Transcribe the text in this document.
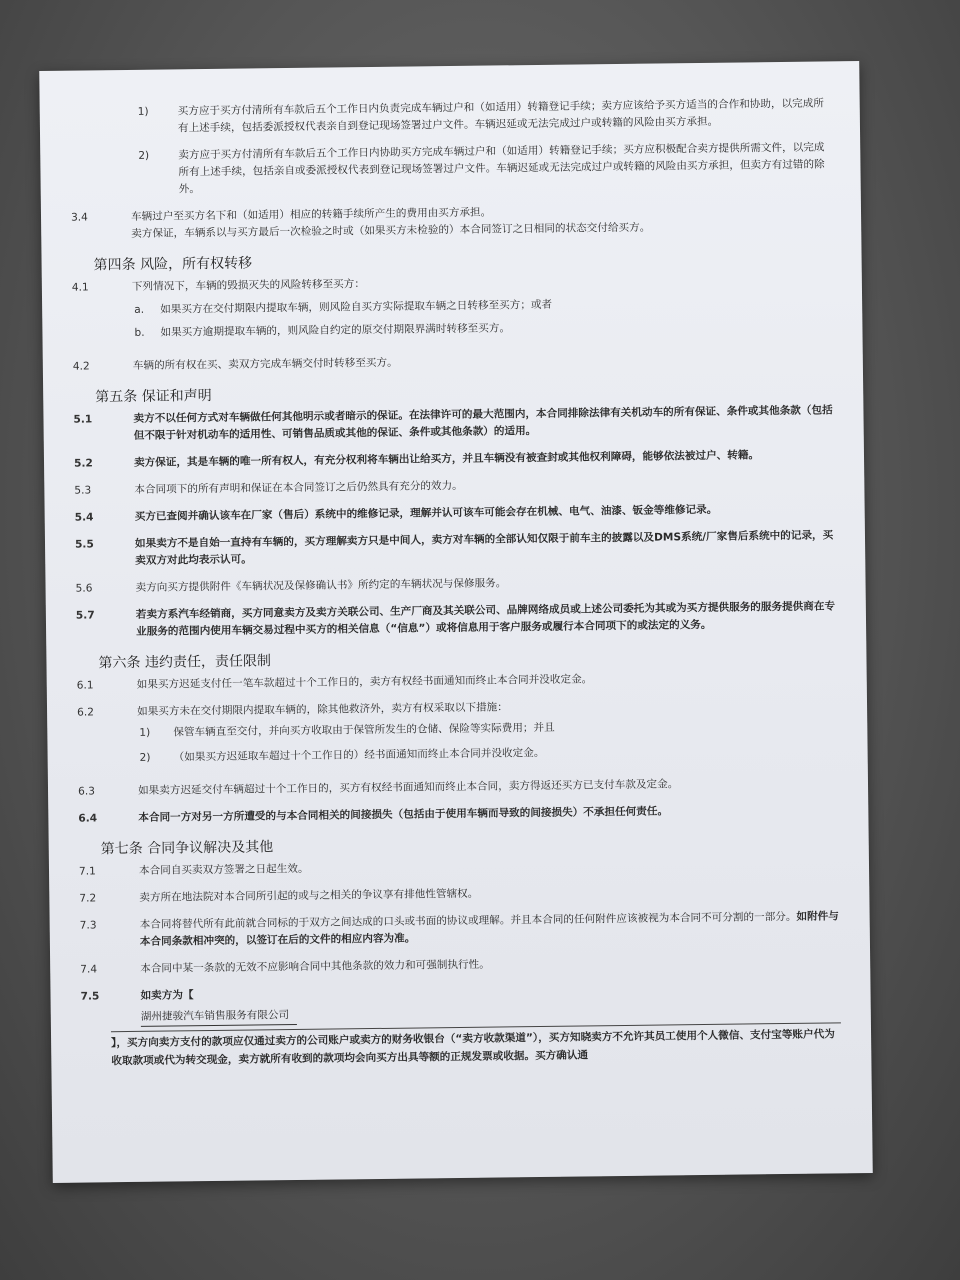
1)	买方应于买方付清所有车款后五个工作日内负责完成车辆过户和（如适用）转籍登记手续；卖方应该给予买方适当的合作和协助，以完成所有上述手续，包括委派授权代表亲自到登记现场签署过户文件。车辆迟延或无法完成过户或转籍的风险由买方承担。

2)	卖方应于买方付清所有车款后五个工作日内协助买方完成车辆过户和（如适用）转籍登记手续；买方应积极配合卖方提供所需文件，以完成所有上述手续，包括亲自或委派授权代表到登记现场签署过户文件。车辆迟延或无法完成过户或转籍的风险由买方承担，但卖方有过错的除外。

3.4	车辆过户至买方名下和（如适用）相应的转籍手续所产生的费用由买方承担。

卖方保证，车辆系以与买方最后一次检验之时或（如果买方未检验的）本合同签订之日相同的状态交付给买方。

第四条 风险，所有权转移

4.1	下列情况下，车辆的毁损灭失的风险转移至买方：

a. 如果买方在交付期限内提取车辆，则风险自买方实际提取车辆之日转移至买方；或者

b. 如果买方逾期提取车辆的，则风险自约定的原交付期限界满时转移至买方。

4.2	车辆的所有权在买、卖双方完成车辆交付时转移至买方。

第五条 保证和声明

5.1	卖方不以任何方式对车辆做任何其他明示或者暗示的保证。在法律许可的最大范围内，本合同排除法律有关机动车的所有保证、条件或其他条款（包括但不限于针对机动车的适用性、可销售品质或其他的保证、条件或其他条款）的适用。

5.2	卖方保证，其是车辆的唯一所有权人，有充分权利将车辆出让给买方，并且车辆没有被查封或其他权利障碍，能够依法被过户、转籍。

5.3	本合同项下的所有声明和保证在本合同签订之后仍然具有充分的效力。

5.4	买方已查阅并确认该车在厂家（售后）系统中的维修记录，理解并认可该车可能会存在机械、电气、油漆、钣金等维修记录。

5.5	如果卖方不是自始一直持有车辆的，买方理解卖方只是中间人，卖方对车辆的全部认知仅限于前车主的披露以及DMS系统/厂家售后系统中的记录，买卖双方对此均表示认可。

5.6	卖方向买方提供附件《车辆状况及保修确认书》所约定的车辆状况与保修服务。

5.7	若卖方系汽车经销商，买方同意卖方及卖方关联公司、生产厂商及其关联公司、品牌网络成员或上述公司委托为其或为买方提供服务的服务提供商在专业服务的范围内使用车辆交易过程中买方的相关信息（“信息”）或将信息用于客户服务或履行本合同项下的或法定的义务。

第六条 违约责任，责任限制

6.1	如果买方迟延支付任一笔车款超过十个工作日的，卖方有权经书面通知而终止本合同并没收定金。

6.2	如果买方未在交付期限内提取车辆的，除其他救济外，卖方有权采取以下措施：

1) 保管车辆直至交付，并向买方收取由于保管所发生的仓储、保险等实际费用；并且

2) （如果买方迟延取车超过十个工作日的）经书面通知而终止本合同并没收定金。

6.3	如果卖方迟延交付车辆超过十个工作日的，买方有权经书面通知而终止本合同，卖方得返还买方已支付车款及定金。

6.4	本合同一方对另一方所遭受的与本合同相关的间接损失（包括由于使用车辆而导致的间接损失）不承担任何责任。

第七条 合同争议解决及其他

7.1	本合同自买卖双方签署之日起生效。

7.2	卖方所在地法院对本合同所引起的或与之相关的争议享有排他性管辖权。

7.3	本合同将替代所有此前就合同标的于双方之间达成的口头或书面的协议或理解。并且本合同的任何附件应该被视为本合同不可分割的一部分。如附件与本合同条款相冲突的，以签订在后的文件的相应内容为准。

7.4	本合同中某一条款的无效不应影响合同中其他条款的效力和可强制执行性。

7.5	如卖方为【

湖州捷骏汽车销售服务有限公司

】，买方向卖方支付的款项应仅通过卖方的公司账户或卖方的财务收银台（“卖方收款渠道”），买方知晓卖方不允许其员工使用个人微信、支付宝等账户代为收取款项或代为转交现金，卖方就所有收到的款项均会向买方出具等额的正规发票或收据。买方确认通
